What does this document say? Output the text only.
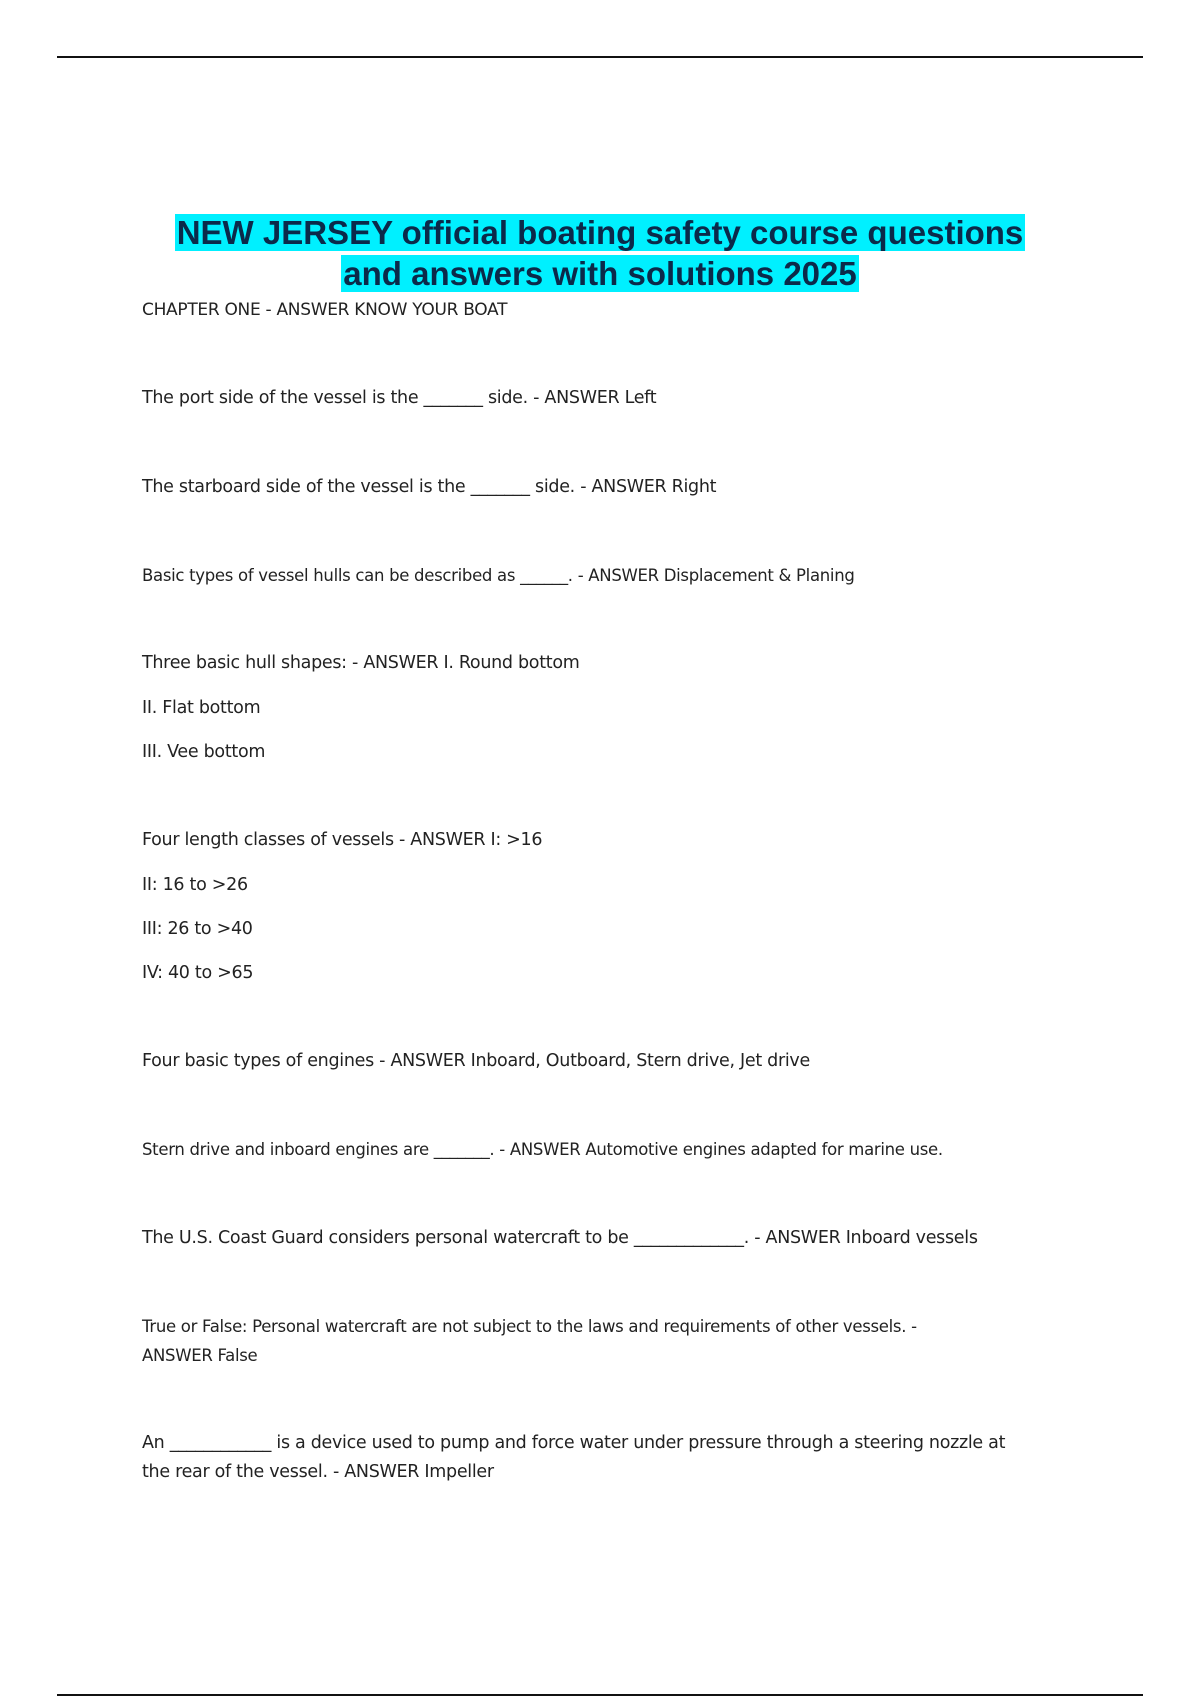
NEW JERSEY official boating safety course questions
and answers with solutions 2025

CHAPTER ONE - ANSWER KNOW YOUR BOAT

The port side of the vessel is the _______ side. - ANSWER Left

The starboard side of the vessel is the _______ side. - ANSWER Right

Basic types of vessel hulls can be described as ______. - ANSWER Displacement & Planing

Three basic hull shapes: - ANSWER I. Round bottom

II. Flat bottom

III. Vee bottom

Four length classes of vessels - ANSWER I: >16

II: 16 to >26

III: 26 to >40

IV: 40 to >65

Four basic types of engines - ANSWER Inboard, Outboard, Stern drive, Jet drive

Stern drive and inboard engines are _______. - ANSWER Automotive engines adapted for marine use.

The U.S. Coast Guard considers personal watercraft to be _____________. - ANSWER Inboard vessels

True or False: Personal watercraft are not subject to the laws and requirements of other vessels. -

ANSWER False

An ____________ is a device used to pump and force water under pressure through a steering nozzle at

the rear of the vessel. - ANSWER Impeller
